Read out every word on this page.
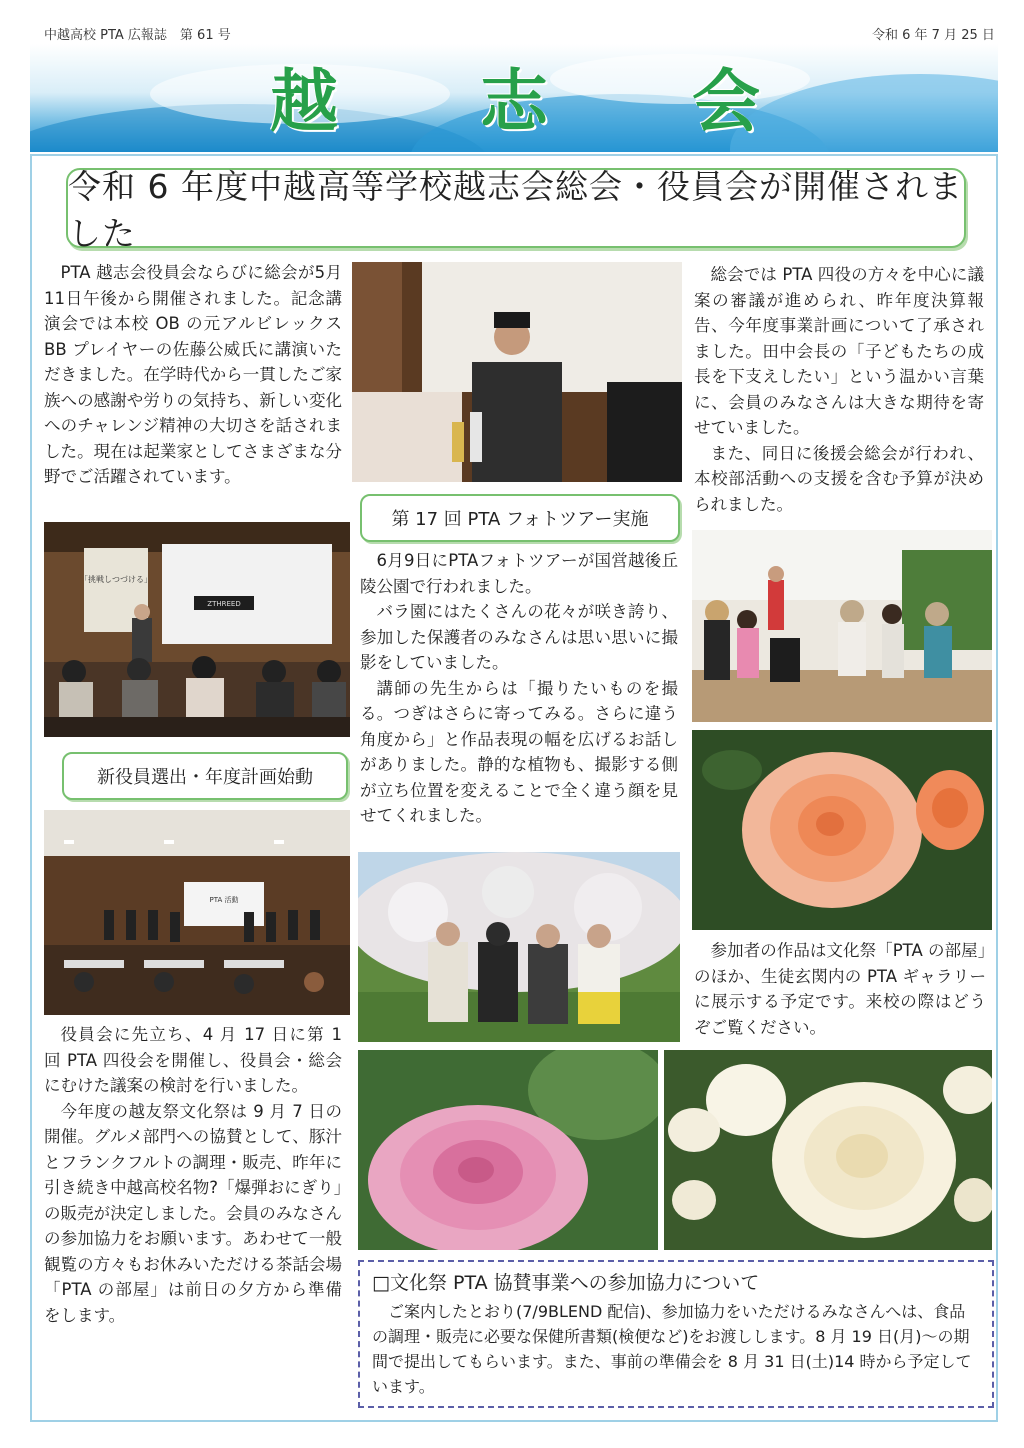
中越高校 PTA 広報誌　第 61 号	令和 6 年 7 月 25 日
越 志 会
令和 6 年度中越高等学校越志会総会・役員会が開催されました

PTA 越志会役員会ならびに総会が5月11日午後から開催されました。記念講演会では本校 OB の元アルビレックス BB プレイヤーの佐藤公威氏に講演いただきました。在学時代から一貫したご家族への感謝や労りの気持ち、新しい変化へのチャレンジ精神の大切さを話されました。現在は起業家としてさまざまな分野でご活躍されています。

「挑戦しつづける」
ZTHREED
新役員選出・年度計画始動
PTA 活動

役員会に先立ち、4 月 17 日に第 1 回 PTA 四役会を開催し、役員会・総会にむけた議案の検討を行いました。

今年度の越友祭文化祭は 9 月 7 日の開催。グルメ部門への協賛として、豚汁とフランクフルトの調理・販売、昨年に引き続き中越高校名物?「爆弾おにぎり」の販売が決定しました。会員のみなさんの参加協力をお願います。あわせて一般観覧の方々もお休みいただける茶話会場「PTA の部屋」は前日の夕方から準備をします。

第 17 回 PTA フォトツアー実施

6月9日にPTAフォトツアーが国営越後丘陵公園で行われました。

バラ園にはたくさんの花々が咲き誇り、参加した保護者のみなさんは思い思いに撮影をしていました。

講師の先生からは「撮りたいものを撮る。つぎはさらに寄ってみる。さらに違う角度から」と作品表現の幅を広げるお話しがありました。静的な植物も、撮影する側が立ち位置を変えることで全く違う顔を見せてくれました。

総会では PTA 四役の方々を中心に議案の審議が進められ、昨年度決算報告、今年度事業計画について了承されました。田中会長の「子どもたちの成長を下支えしたい」という温かい言葉に、会員のみなさんは大きな期待を寄せていました。

また、同日に後援会総会が行われ、本校部活動への支援を含む予算が決められました。

参加者の作品は文化祭「PTA の部屋」のほか、生徒玄関内の PTA ギャラリーに展示する予定です。来校の際はどうぞご覧ください。

□文化祭 PTA 協賛事業への参加協力について

ご案内したとおり(7/9BLEND 配信)、参加協力をいただけるみなさんへは、食品の調理・販売に必要な保健所書類(検便など)をお渡しします。8 月 19 日(月)～の期間で提出してもらいます。また、事前の準備会を 8 月 31 日(土)14 時から予定しています。
